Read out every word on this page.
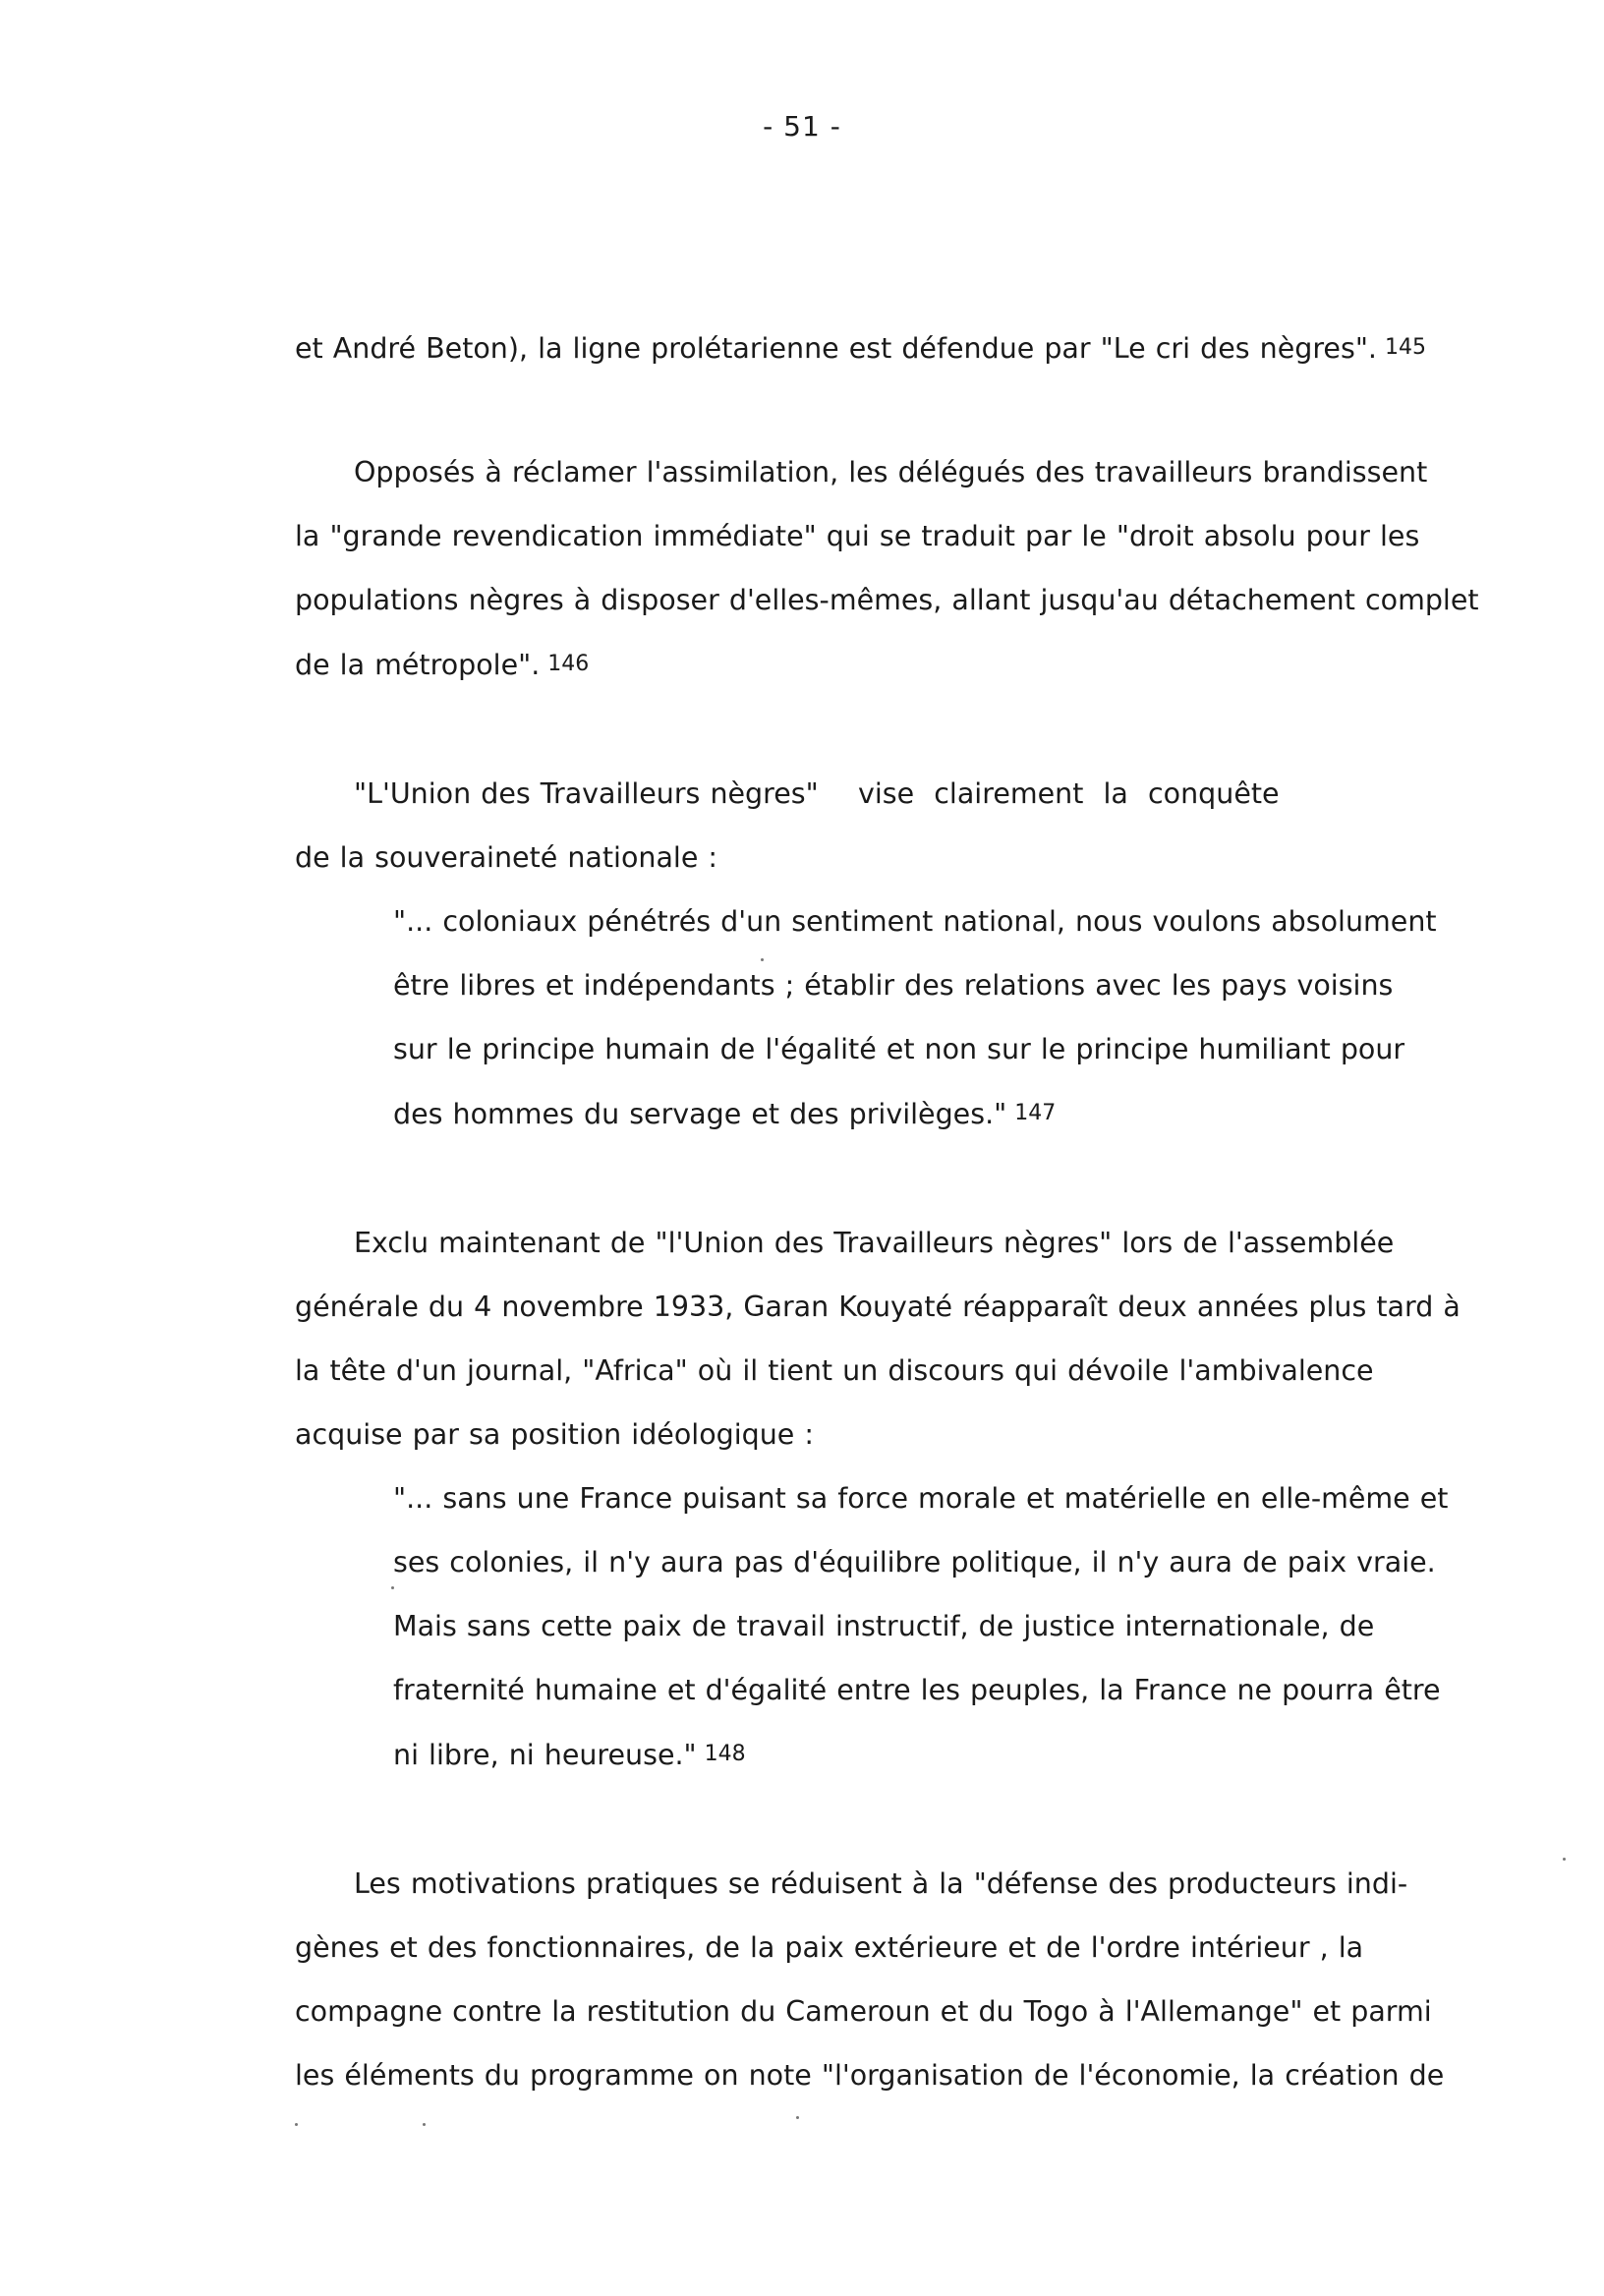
- 51 -
et André Beton), la ligne prolétarienne est défendue par "Le cri des nègres". 145
Opposés à réclamer l'assimilation, les délégués des travailleurs brandissent
la "grande revendication immédiate" qui se traduit par le "droit absolu pour les
populations nègres à disposer d'elles-mêmes, allant jusqu'au détachement complet
de la métropole". 146
"L'Union des Travailleurs nègres"    vise  clairement  la  conquête
de la souveraineté nationale :
"... coloniaux pénétrés d'un sentiment national, nous voulons absolument
être libres et indépendants ; établir des relations avec les pays voisins
sur le principe humain de l'égalité et non sur le principe humiliant pour
des hommes du servage et des privilèges." 147
Exclu maintenant de "l'Union des Travailleurs nègres" lors de l'assemblée
générale du 4 novembre 1933, Garan Kouyaté réapparaît deux années plus tard à
la tête d'un journal, "Africa" où il tient un discours qui dévoile l'ambivalence
acquise par sa position idéologique :
"... sans une France puisant sa force morale et matérielle en elle-même et
ses colonies, il n'y aura pas d'équilibre politique, il n'y aura de paix vraie.
Mais sans cette paix de travail instructif, de justice internationale, de
fraternité humaine et d'égalité entre les peuples, la France ne pourra être
ni libre, ni heureuse." 148
Les motivations pratiques se réduisent à la "défense des producteurs indi-
gènes et des fonctionnaires, de la paix extérieure et de l'ordre intérieur , la
compagne contre la restitution du Cameroun et du Togo à l'Allemange" et parmi
les éléments du programme on note "l'organisation de l'économie, la création de
